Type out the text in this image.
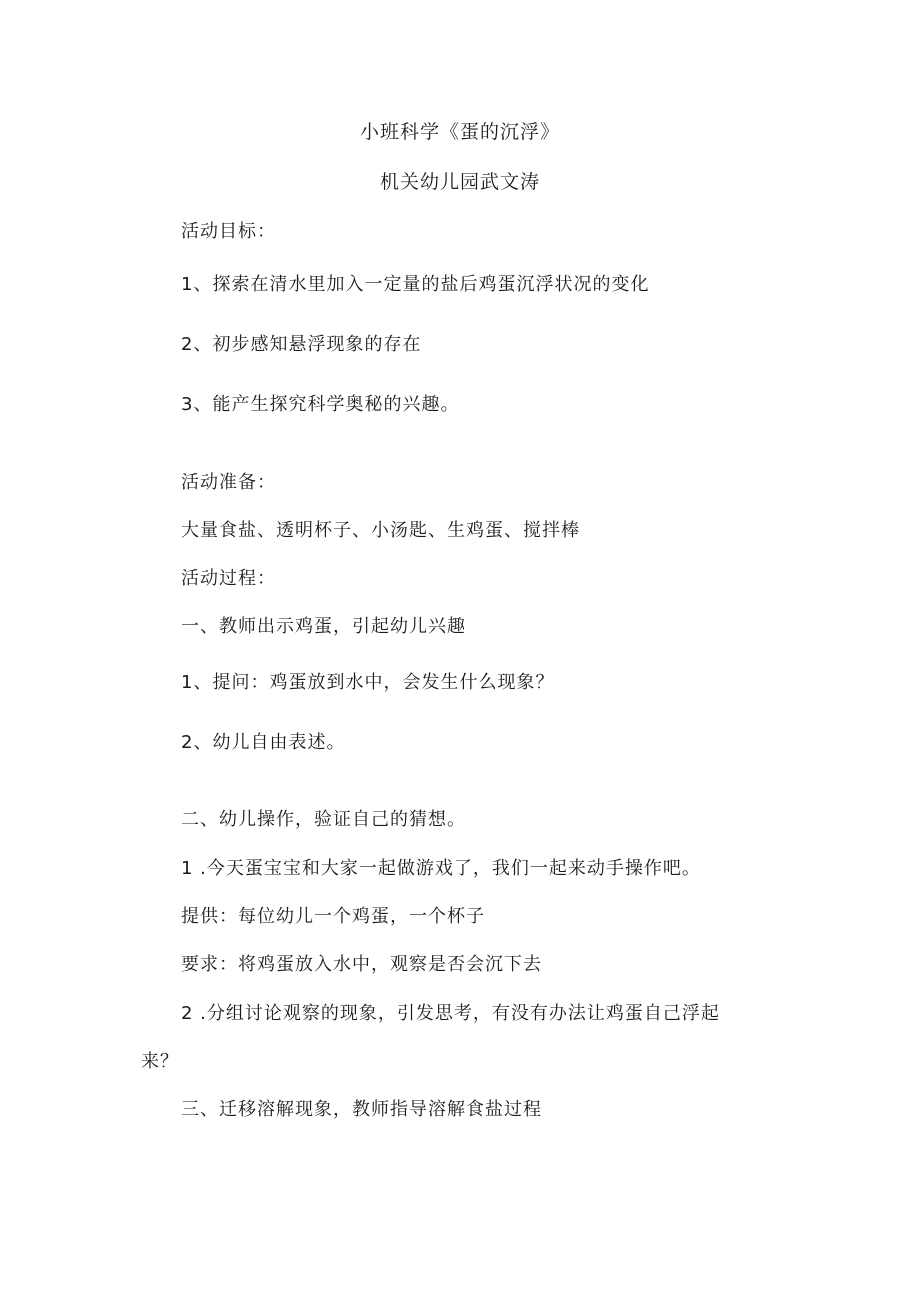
小班科学《蛋的沉浮》
机关幼儿园武文涛
活动目标：
1、探索在清水里加入一定量的盐后鸡蛋沉浮状况的变化
2、初步感知悬浮现象的存在
3、能产生探究科学奥秘的兴趣。
活动准备：
大量食盐、透明杯子、小汤匙、生鸡蛋、搅拌棒
活动过程：
一、教师出示鸡蛋，引起幼儿兴趣
1、提问：鸡蛋放到水中，会发生什么现象？
2、幼儿自由表述。
二、幼儿操作，验证自己的猜想。
1 .今天蛋宝宝和大家一起做游戏了，我们一起来动手操作吧。
提供：每位幼儿一个鸡蛋，一个杯子
要求：将鸡蛋放入水中，观察是否会沉下去
2 .分组讨论观察的现象，引发思考，有没有办法让鸡蛋自己浮起
来？
三、迁移溶解现象，教师指导溶解食盐过程
